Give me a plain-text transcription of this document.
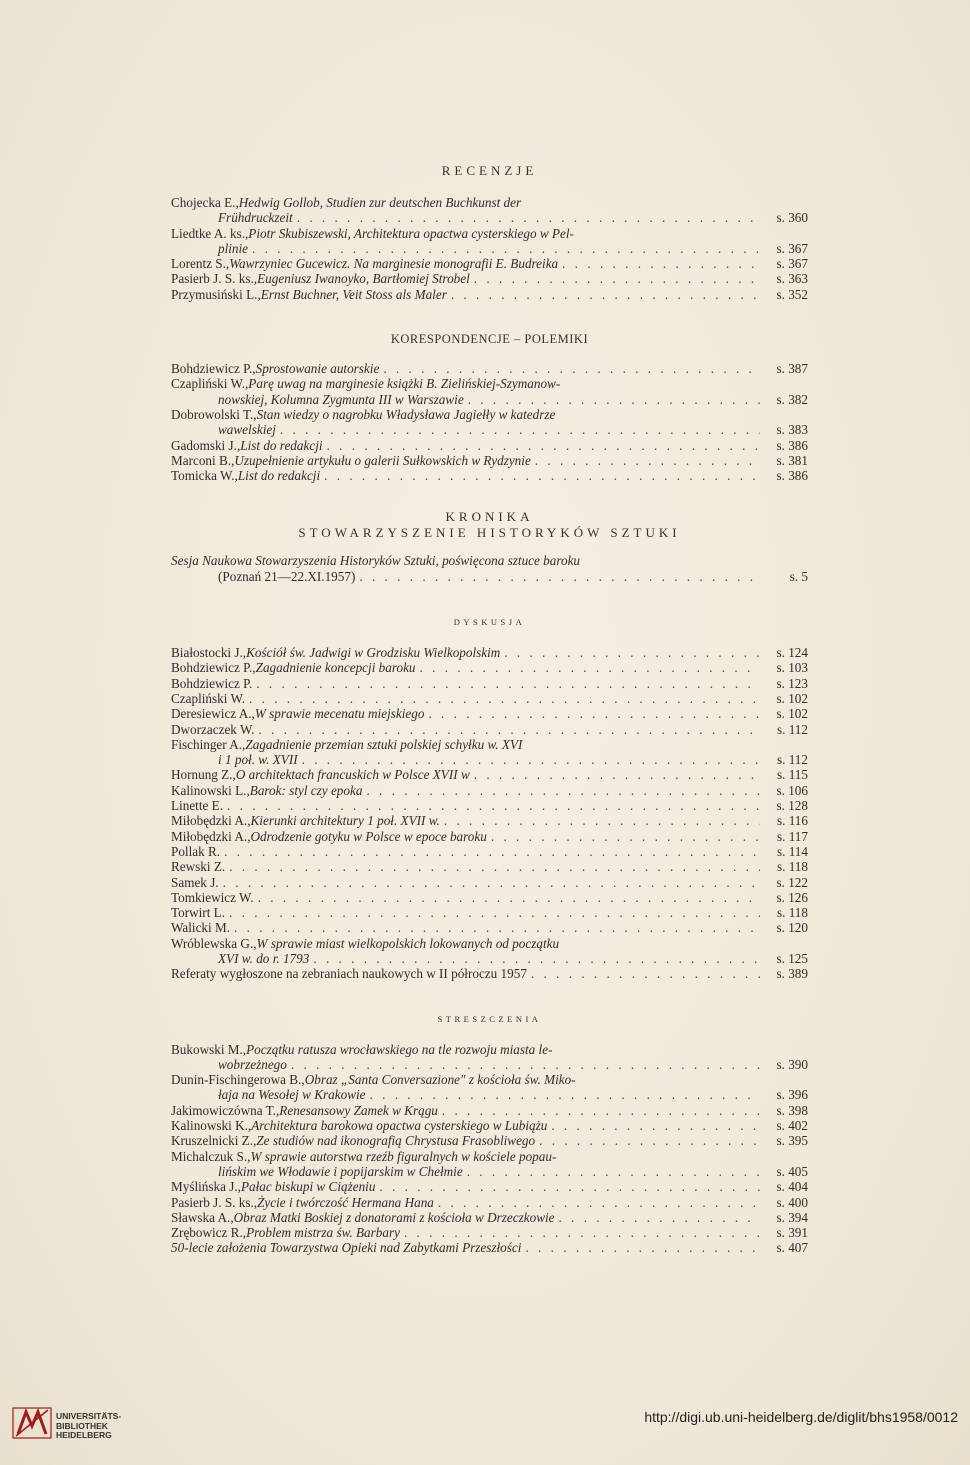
RECENZJE
Chojecka E., Hedwig Gollob, Studien zur deutschen Buchkunst der
Frühdruckzeit . . .	s. 360
Liedtke A. ks., Piotr Skubiszewski, Architektura opactwa cysterskiego w Pel-
plinie . . .	s. 367
Lorentz S., Wawrzyniec Gucewicz. Na marginesie monografii E. Budreika . . .	s. 367
Pasierb J. S. ks., Eugeniusz Iwanoyko, Bartłomiej Strobel . . .	s. 363
Przymusiński L., Ernst Buchner, Veit Stoss als Maler . . .	s. 352
KORESPONDENCJE – POLEMIKI
Bohdziewicz P., Sprostowanie autorskie . . .	s. 387
Czapliński W., Parę uwag na marginesie książki B. Zielińskiej-Szymanow-
nowskiej, Kolumna Zygmunta III w Warszawie . . .	s. 382
Dobrowolski T., Stan wiedzy o nagrobku Władysława Jagiełły w katedrze
wawelskiej . . .	s. 383
Gadomski J., List do redakcji . . .	s. 386
Marconi B., Uzupełnienie artykułu o galerii Sułkowskich w Rydzynie . . .	s. 381
Tomicka W., List do redakcji . . .	s. 386
KRONIKA
STOWARZYSZENIE HISTORYKÓW SZTUKI
Sesja Naukowa Stowarzyszenia Historyków Sztuki, poświęcona sztuce baroku
(Poznań 21—22.XI.1957) . . .	s. 5
DYSKUSJA
Białostocki J., Kościół św. Jadwigi w Grodzisku Wielkopolskim . . .	s. 124
Bohdziewicz P., Zagadnienie koncepcji baroku . . .	s. 103
Bohdziewicz P. . . .	s. 123
Czapliński W. . . .	s. 102
Deresiewicz A., W sprawie mecenatu miejskiego . . .	s. 102
Dworzaczek W. . . .	s. 112
Fischinger A., Zagadnienie przemian sztuki polskiej schyłku w. XVI
i 1 poł. w. XVII . . .	s. 112
Hornung Z., O architektach francuskich w Polsce XVII w . . .	s. 115
Kalinowski L., Barok: styl czy epoka . . .	s. 106
Linette E. . . .	s. 128
Miłobędzki A., Kierunki architektury 1 poł. XVII w. . . .	s. 116
Miłobędzki A., Odrodzenie gotyku w Polsce w epoce baroku . . .	s. 117
Pollak R. . . .	s. 114
Rewski Z. . . .	s. 118
Samek J. . . .	s. 122
Tomkiewicz W. . . .	s. 126
Torwirt L. . . .	s. 118
Walicki M. . . .	s. 120
Wróblewska G., W sprawie miast wielkopolskich lokowanych od początku
XVI w. do r. 1793 . . .	s. 125
Referaty wygłoszone na zebraniach naukowych w II półroczu 1957 . . .	s. 389
STRESZCZENIA
Bukowski M., Początku ratusza wrocławskiego na tle rozwoju miasta le-
wobrzeżnego . . .	s. 390
Dunin-Fischingerowa B., Obraz „Santa Conversazione" z kościoła św. Miko-
łaja na Wesołej w Krakowie . . .	s. 396
Jakimowiczówna T., Renesansowy Zamek w Krągu . . .	s. 398
Kalinowski K., Architektura barokowa opactwa cysterskiego w Lubiążu . . .	s. 402
Kruszelnicki Z., Ze studiów nad ikonografią Chrystusa Frasobliwego . . .	s. 395
Michalczuk S., W sprawie autorstwa rzeźb figuralnych w kościele popau-
lińskim we Włodawie i popijarskim w Chełmie . . .	s. 405
Myślińska J., Pałac biskupi w Ciążeniu . . .	s. 404
Pasierb J. S. ks., Życie i twórczość Hermana Hana . . .	s. 400
Sławska A., Obraz Matki Boskiej z donatorami z kościoła w Drzeczkowie . . .	s. 394
Zrębowicz R., Problem mistrza św. Barbary . . .	s. 391
50-lecie założenia Towarzystwa Opieki nad Zabytkami Przeszłości . . .	s. 407
UNIVERSITÄTS-
BIBLIOTHEK
HEIDELBERG
http://digi.ub.uni-heidelberg.de/diglit/bhs1958/0012
